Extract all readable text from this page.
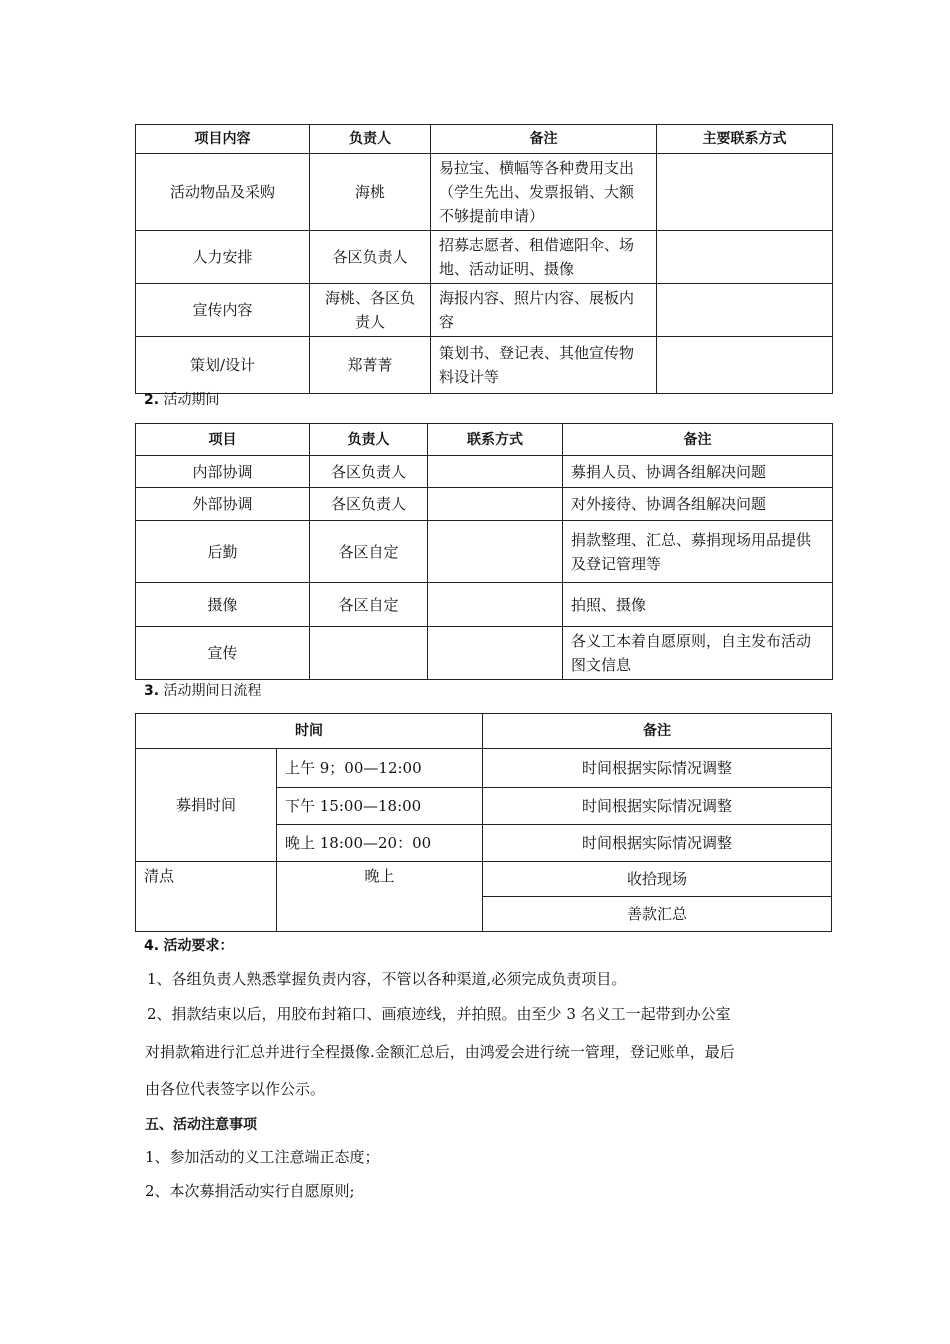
项目内容	负责人	备注	主要联系方式
活动物品及采购	海桃	易拉宝、横幅等各种费用支出（学生先出、发票报销、大额不够提前申请）	
人力安排	各区负责人	招募志愿者、租借遮阳伞、场地、活动证明、摄像	
宣传内容	海桃、各区负责人	海报内容、照片内容、展板内容	
策划/设计	郑菁菁	策划书、登记表、其他宣传物料设计等	
2. 活动期间
项目	负责人	联系方式	备注
内部协调	各区负责人		募捐人员、协调各组解决问题
外部协调	各区负责人		对外接待、协调各组解决问题
后勤	各区自定		捐款整理、汇总、募捐现场用品提供及登记管理等
摄像	各区自定		拍照、摄像
宣传			各义工本着自愿原则，自主发布活动图文信息
3. 活动期间日流程
时间		备注
募捐时间	上午 9；00—12:00	时间根据实际情况调整
	下午 15:00—18:00	时间根据实际情况调整
	晚上 18:00—20：00	时间根据实际情况调整
清点	晚上	收拾现场
		善款汇总
4. 活动要求：
1、各组负责人熟悉掌握负责内容，不管以各种渠道,必须完成负责项目。
2、捐款结束以后，用胶布封箱口、画痕迹线，并拍照。由至少 3 名义工一起带到办公室
对捐款箱进行汇总并进行全程摄像.金额汇总后，由鸿爱会进行统一管理，登记账单，最后
由各位代表签字以作公示。
五、活动注意事项
1、参加活动的义工注意端正态度；
2、本次募捐活动实行自愿原则;
